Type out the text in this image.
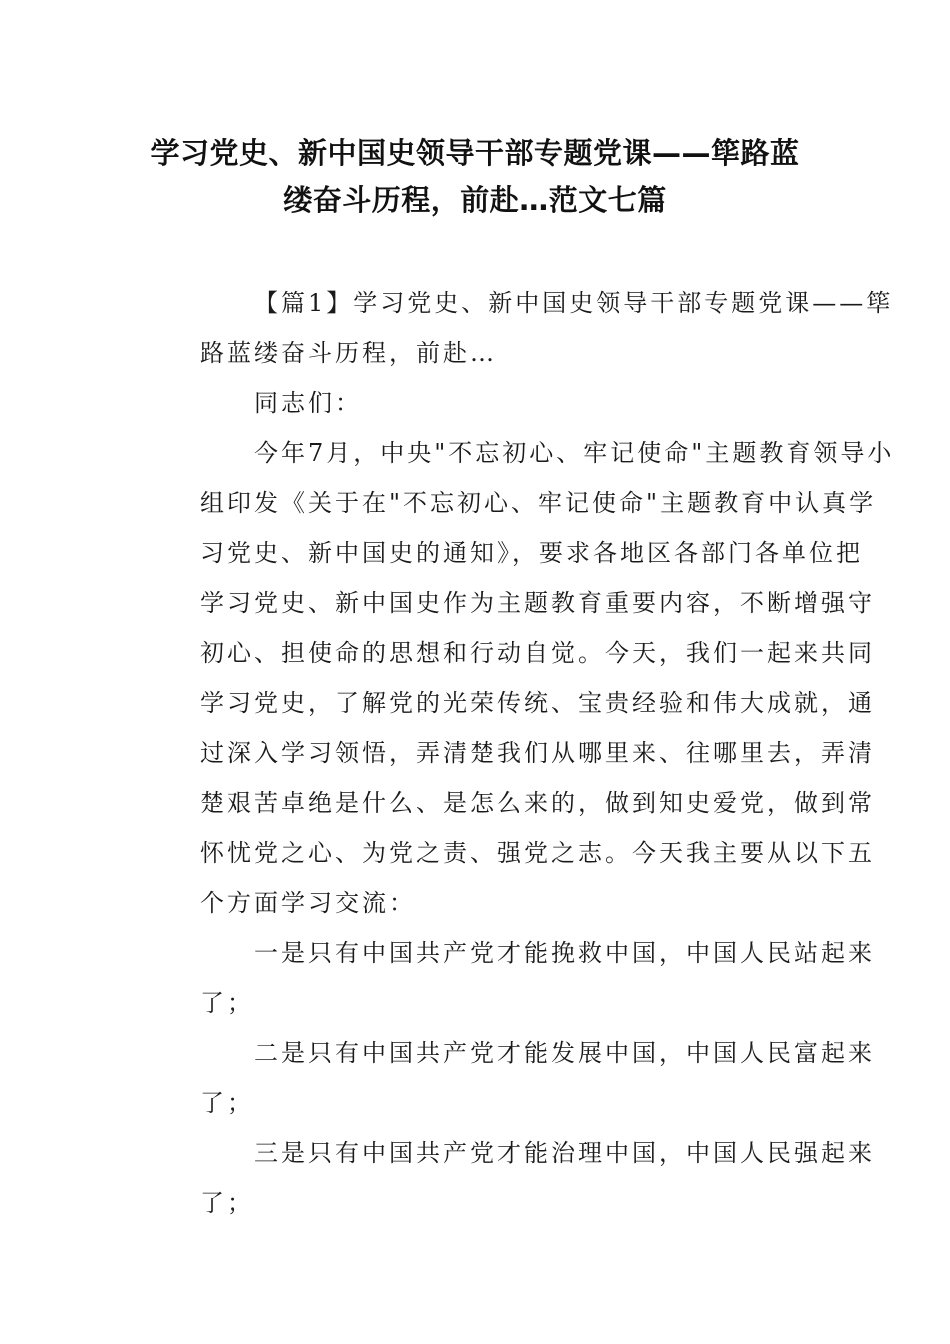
学习党史、新中国史领导干部专题党课——筚路蓝
缕奋斗历程，前赴…范文七篇
【篇1】学习党史、新中国史领导干部专题党课——筚
路蓝缕奋斗历程，前赴…
同志们：
今年7月，中央"不忘初心、牢记使命"主题教育领导小
组印发《关于在"不忘初心、牢记使命"主题教育中认真学
习党史、新中国史的通知》，要求各地区各部门各单位把
学习党史、新中国史作为主题教育重要内容，不断增强守
初心、担使命的思想和行动自觉。今天，我们一起来共同
学习党史，了解党的光荣传统、宝贵经验和伟大成就，通
过深入学习领悟，弄清楚我们从哪里来、往哪里去，弄清
楚艰苦卓绝是什么、是怎么来的，做到知史爱党，做到常
怀忧党之心、为党之责、强党之志。今天我主要从以下五
个方面学习交流：
一是只有中国共产党才能挽救中国，中国人民站起来
了；
二是只有中国共产党才能发展中国，中国人民富起来
了；
三是只有中国共产党才能治理中国，中国人民强起来
了；
